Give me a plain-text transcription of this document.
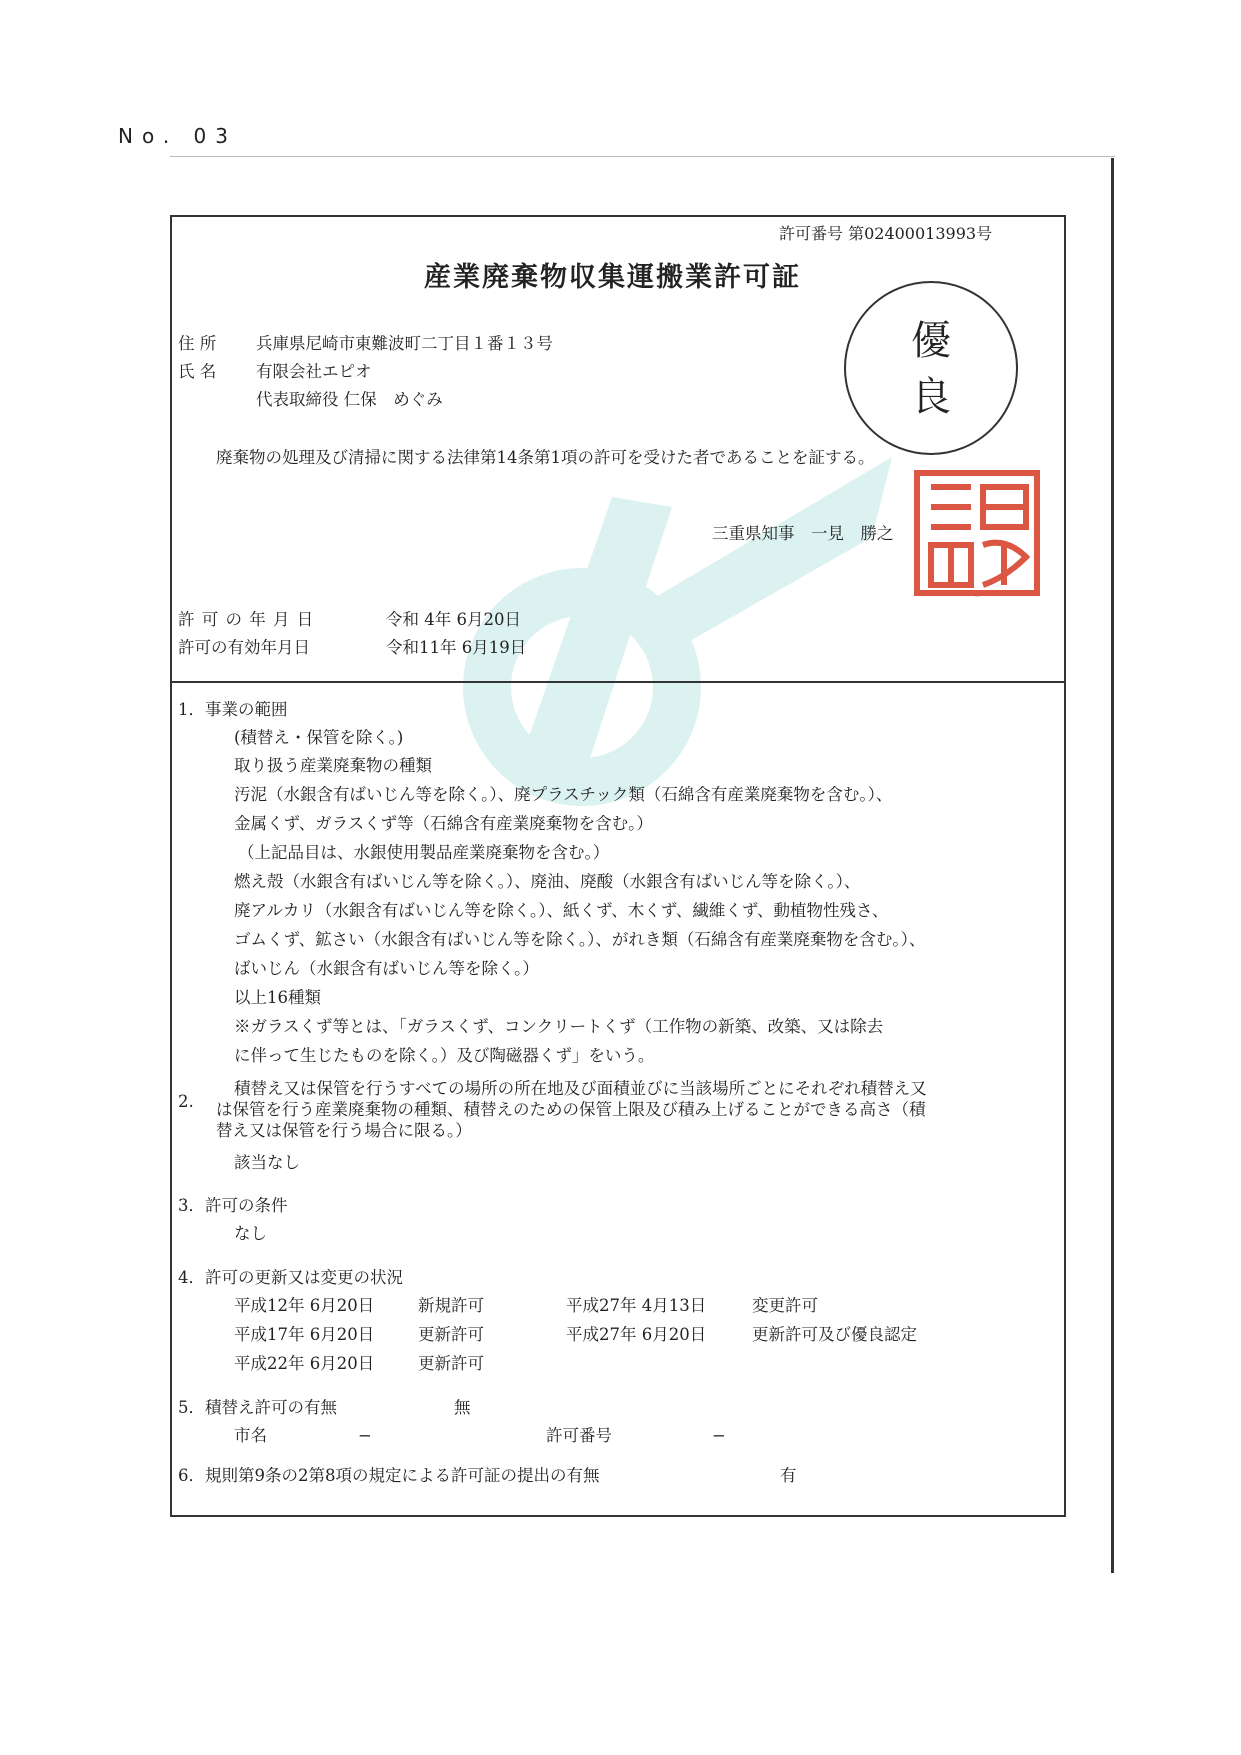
No. 03
許可番号 第02400013993号
産業廃棄物収集運搬業許可証
優
良
住 所 兵庫県尼崎市東難波町二丁目１番１３号
氏 名 有限会社エピオ
代表取締役 仁保　めぐみ
廃棄物の処理及び清掃に関する法律第14条第1項の許可を受けた者であることを証する。
三重県知事　一見　勝之
三重県知事印
許 可 の 年 月 日	令和 4年 6月20日
許可の有効年月日	令和11年 6月19日
1．事業の範囲
(積替え・保管を除く。)
取り扱う産業廃棄物の種類
汚泥（水銀含有ばいじん等を除く。）、廃プラスチック類（石綿含有産業廃棄物を含む。）、
金属くず、ガラスくず等（石綿含有産業廃棄物を含む。）
（上記品目は、水銀使用製品産業廃棄物を含む。）
燃え殻（水銀含有ばいじん等を除く。）、廃油、廃酸（水銀含有ばいじん等を除く。）、
廃アルカリ（水銀含有ばいじん等を除く。）、紙くず、木くず、繊維くず、動植物性残さ、
ゴムくず、鉱さい（水銀含有ばいじん等を除く。）、がれき類（石綿含有産業廃棄物を含む。）、
ばいじん（水銀含有ばいじん等を除く。）
以上16種類
※ガラスくず等とは、「ガラスくず、コンクリートくず（工作物の新築、改築、又は除去
に伴って生じたものを除く。）及び陶磁器くず」をいう。
2.
積替え又は保管を行うすべての場所の所在地及び面積並びに当該場所ごとにそれぞれ積替え又
は保管を行う産業廃棄物の種類、積替えのための保管上限及び積み上げることができる高さ（積
替え又は保管を行う場合に限る。）
該当なし
3．許可の条件
なし
4．許可の更新又は変更の状況
平成12年 6月20日	新規許可
平成17年 6月20日	更新許可
平成22年 6月20日	更新許可
平成27年 4月13日	変更許可
平成27年 6月20日	更新許可及び優良認定
5．積替え許可の有無	無
市名	−	許可番号	−
6．規則第9条の2第8項の規定による許可証の提出の有無	有
